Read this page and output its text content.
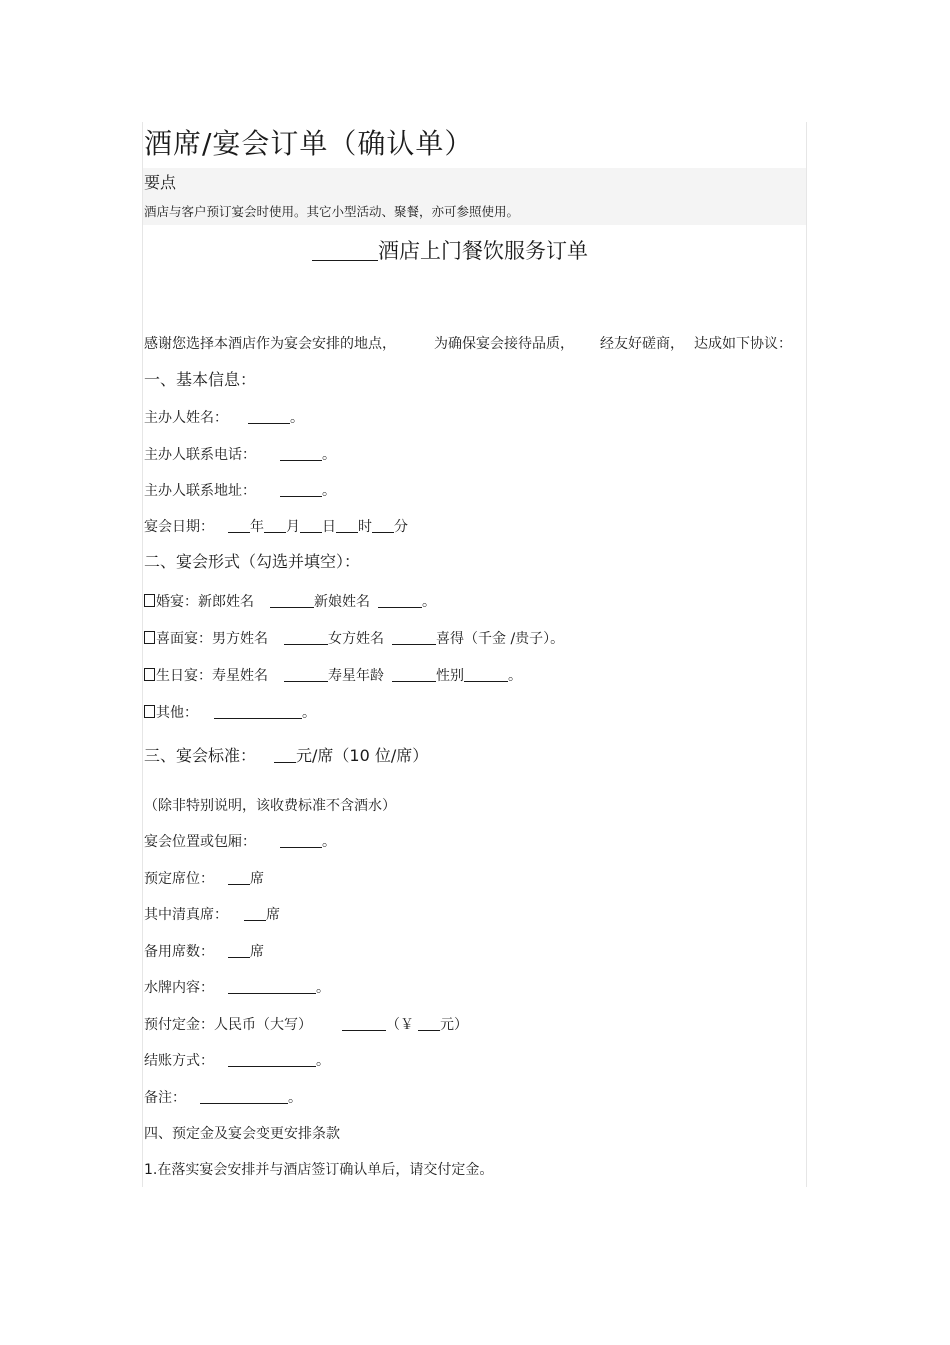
酒席/宴会订单（确认单）
要点
酒店与客户预订宴会时使用。其它小型活动、聚餐，亦可参照使用。
酒店上门餐饮服务订单
感谢您选择本酒店作为宴会安排的地点，	为确保宴会接待品质， 经友好磋商， 达成如下协议：
一、基本信息：
主办人姓名：	。
主办人联系电话：	。
主办人联系地址：	。
宴会日期：	年 月 日 时 分
二、宴会形式（勾选并填空）：
婚宴：新郎姓名	新娘姓名	。
喜面宴：男方姓名	女方姓名	喜得（千金 /贵子）。
生日宴：寿星姓名	寿星年龄	性别	。
其他：	。
三、宴会标准：	元/席（10 位/席）
（除非特别说明，该收费标准不含酒水）
宴会位置或包厢：	。
预定席位：	席
其中清真席：	席
备用席数：	席
水牌内容：	。
预付定金：人民币（大写）	（￥ 元）
结账方式：	。
备注：	。
四、预定金及宴会变更安排条款
1.在落实宴会安排并与酒店签订确认单后，请交付定金。
